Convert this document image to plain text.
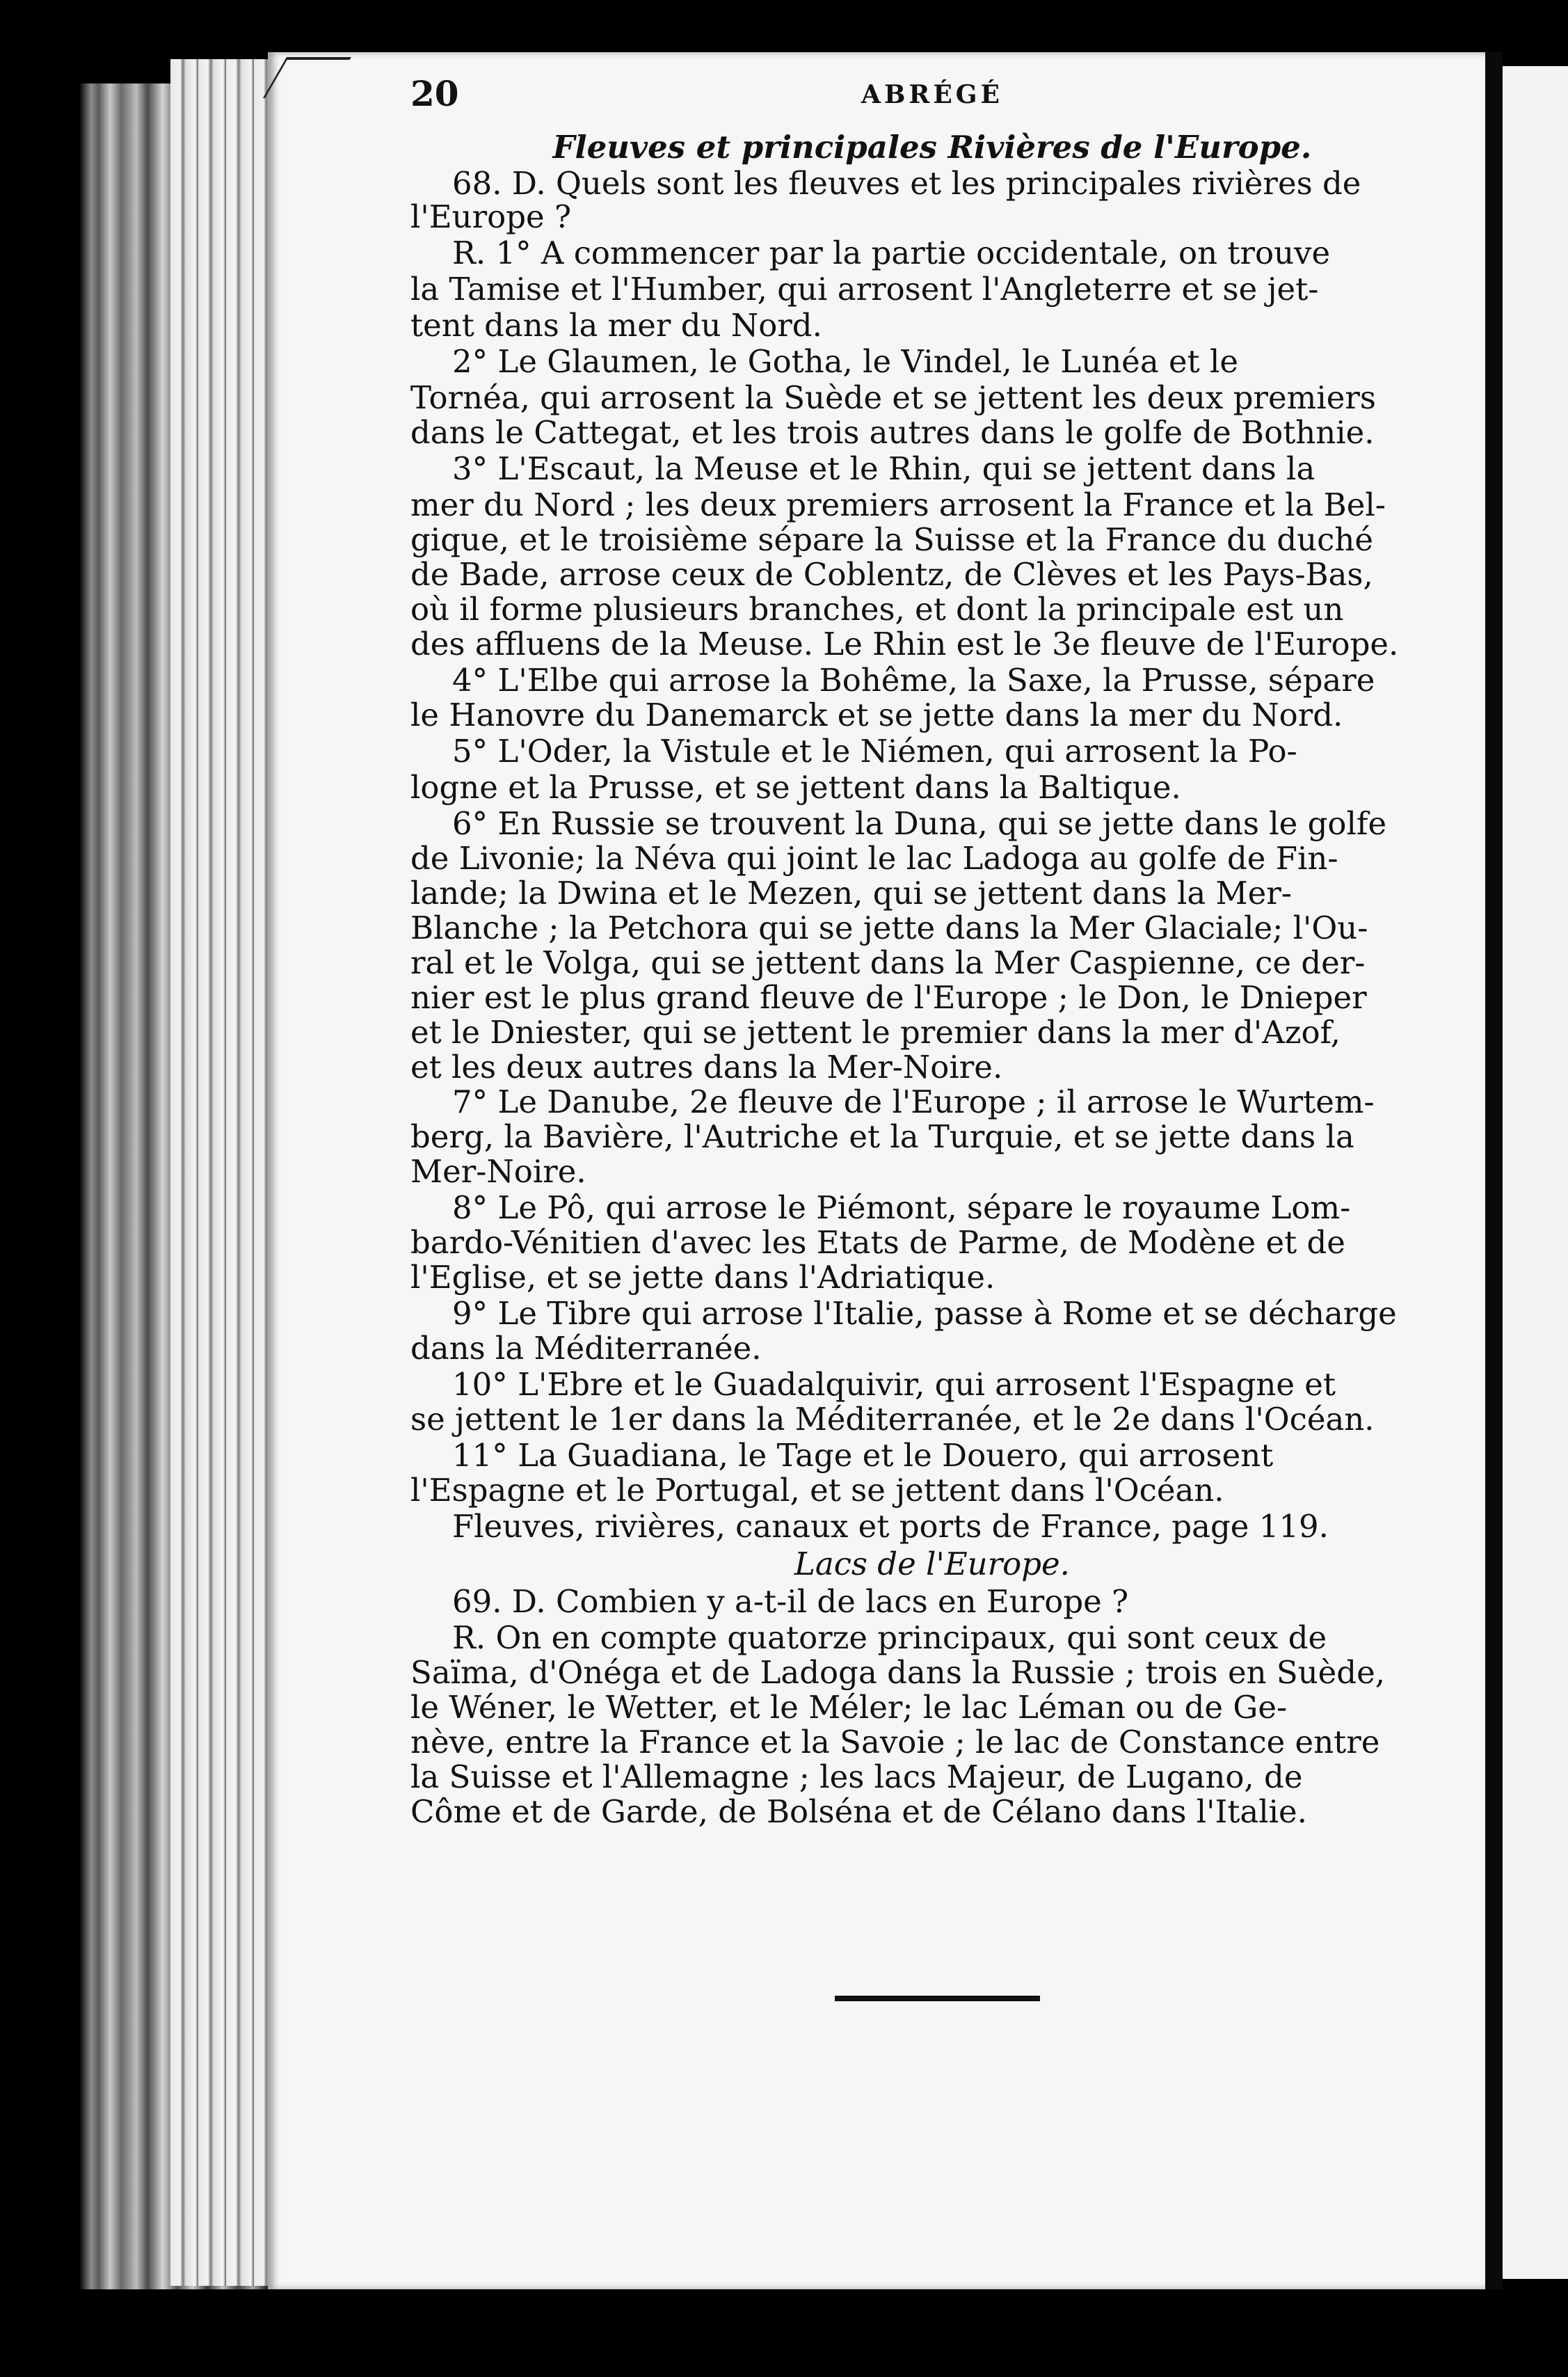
20	ABRÉGÉ
Fleuves et principales Rivières de l'Europe.
68. D. Quels sont les fleuves et les principales rivières de
l'Europe ?
R. 1° A commencer par la partie occidentale, on trouve
la Tamise et l'Humber, qui arrosent l'Angleterre et se jet-
tent dans la mer du Nord.
2° Le Glaumen, le Gotha, le Vindel, le Lunéa et le
Tornéa, qui arrosent la Suède et se jettent les deux premiers
dans le Cattegat, et les trois autres dans le golfe de Bothnie.
3° L'Escaut, la Meuse et le Rhin, qui se jettent dans la
mer du Nord ; les deux premiers arrosent la France et la Bel-
gique, et le troisième sépare la Suisse et la France du duché
de Bade, arrose ceux de Coblentz, de Clèves et les Pays-Bas,
où il forme plusieurs branches, et dont la principale est un
des affluens de la Meuse. Le Rhin est le 3e fleuve de l'Europe.
4° L'Elbe qui arrose la Bohême, la Saxe, la Prusse, sépare
le Hanovre du Danemarck et se jette dans la mer du Nord.
5° L'Oder, la Vistule et le Niémen, qui arrosent la Po-
logne et la Prusse, et se jettent dans la Baltique.
6° En Russie se trouvent la Duna, qui se jette dans le golfe
de Livonie; la Néva qui joint le lac Ladoga au golfe de Fin-
lande; la Dwina et le Mezen, qui se jettent dans la Mer-
Blanche ; la Petchora qui se jette dans la Mer Glaciale; l'Ou-
ral et le Volga, qui se jettent dans la Mer Caspienne, ce der-
nier est le plus grand fleuve de l'Europe ; le Don, le Dnieper
et le Dniester, qui se jettent le premier dans la mer d'Azof,
et les deux autres dans la Mer-Noire.
7° Le Danube, 2e fleuve de l'Europe ; il arrose le Wurtem-
berg, la Bavière, l'Autriche et la Turquie, et se jette dans la
Mer-Noire.
8° Le Pô, qui arrose le Piémont, sépare le royaume Lom-
bardo-Vénitien d'avec les Etats de Parme, de Modène et de
l'Eglise, et se jette dans l'Adriatique.
9° Le Tibre qui arrose l'Italie, passe à Rome et se décharge
dans la Méditerranée.
10° L'Ebre et le Guadalquivir, qui arrosent l'Espagne et
se jettent le 1er dans la Méditerranée, et le 2e dans l'Océan.
11° La Guadiana, le Tage et le Douero, qui arrosent
l'Espagne et le Portugal, et se jettent dans l'Océan.
Fleuves, rivières, canaux et ports de France, page 119.
Lacs de l'Europe.
69. D. Combien y a-t-il de lacs en Europe ?
R. On en compte quatorze principaux, qui sont ceux de
Saïma, d'Onéga et de Ladoga dans la Russie ; trois en Suède,
le Wéner, le Wetter, et le Méler; le lac Léman ou de Ge-
nève, entre la France et la Savoie ; le lac de Constance entre
la Suisse et l'Allemagne ; les lacs Majeur, de Lugano, de
Côme et de Garde, de Bolséna et de Célano dans l'Italie.
